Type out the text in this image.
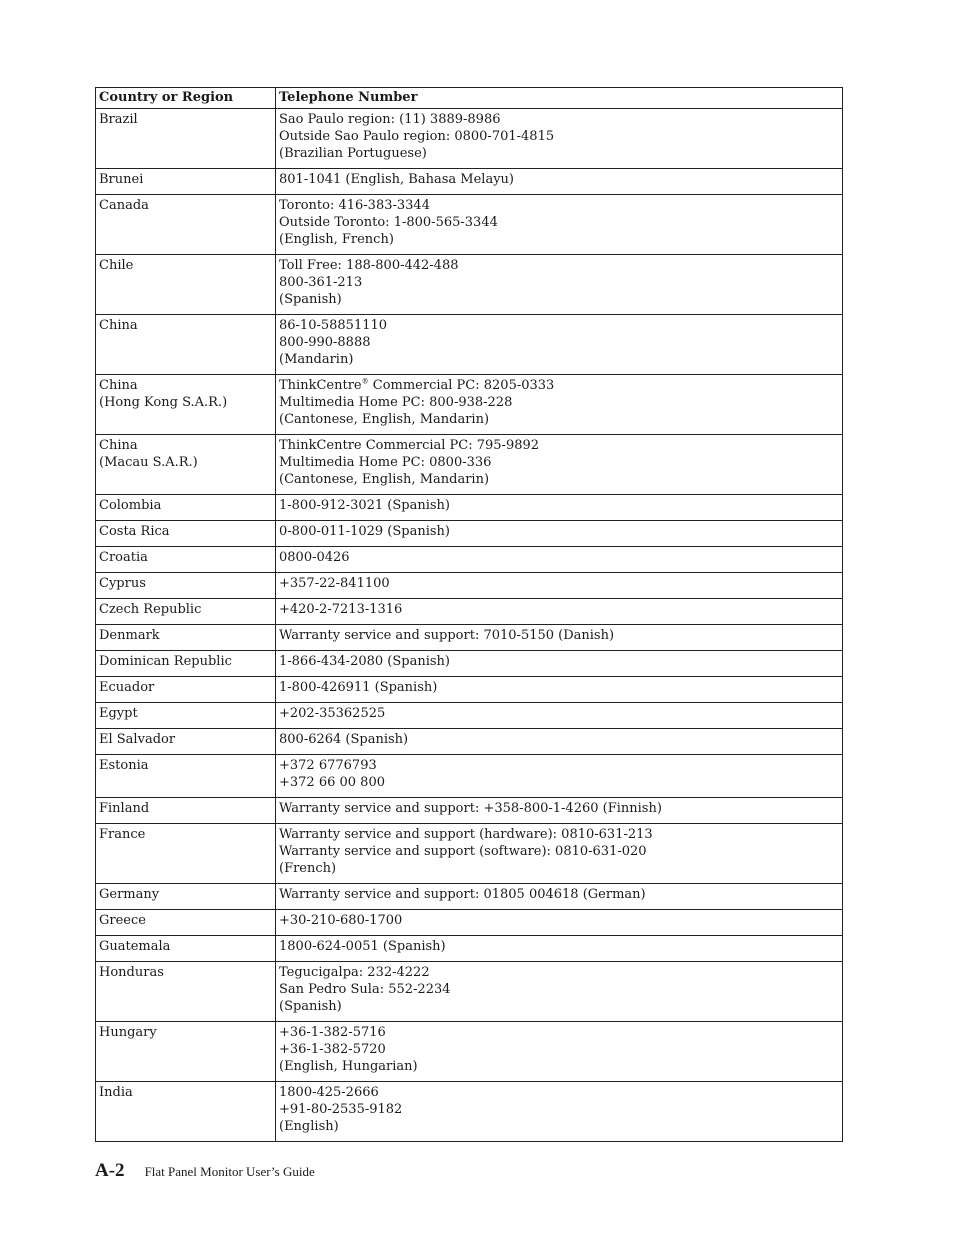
Country or Region	Telephone Number

Brazil	Sao Paulo region: (11) 3889-8986
Outside Sao Paulo region: 0800-701-4815
(Brazilian Portuguese)

Brunei	801-1041 (English, Bahasa Melayu)

Canada	Toronto: 416-383-3344
Outside Toronto: 1-800-565-3344
(English, French)

Chile	Toll Free: 188-800-442-488
800-361-213
(Spanish)

China	86-10-58851110
800-990-8888
(Mandarin)

China
(Hong Kong S.A.R.)	ThinkCentre® Commercial PC: 8205-0333
Multimedia Home PC: 800-938-228
(Cantonese, English, Mandarin)

China
(Macau S.A.R.)	ThinkCentre Commercial PC: 795-9892
Multimedia Home PC: 0800-336
(Cantonese, English, Mandarin)

Colombia	1-800-912-3021 (Spanish)

Costa Rica	0-800-011-1029 (Spanish)

Croatia	0800-0426

Cyprus	+357-22-841100

Czech Republic	+420-2-7213-1316

Denmark	Warranty service and support: 7010-5150 (Danish)

Dominican Republic	1-866-434-2080 (Spanish)

Ecuador	1-800-426911 (Spanish)

Egypt	+202-35362525

El Salvador	800-6264 (Spanish)

Estonia	+372 6776793
+372 66 00 800

Finland	Warranty service and support: +358-800-1-4260 (Finnish)

France	Warranty service and support (hardware): 0810-631-213
Warranty service and support (software): 0810-631-020
(French)

Germany	Warranty service and support: 01805 004618 (German)

Greece	+30-210-680-1700

Guatemala	1800-624-0051 (Spanish)

Honduras	Tegucigalpa: 232-4222
San Pedro Sula: 552-2234
(Spanish)

Hungary	+36-1-382-5716
+36-1-382-5720
(English, Hungarian)

India	1800-425-2666
+91-80-2535-9182
(English)
A-2 Flat Panel Monitor User’s Guide
